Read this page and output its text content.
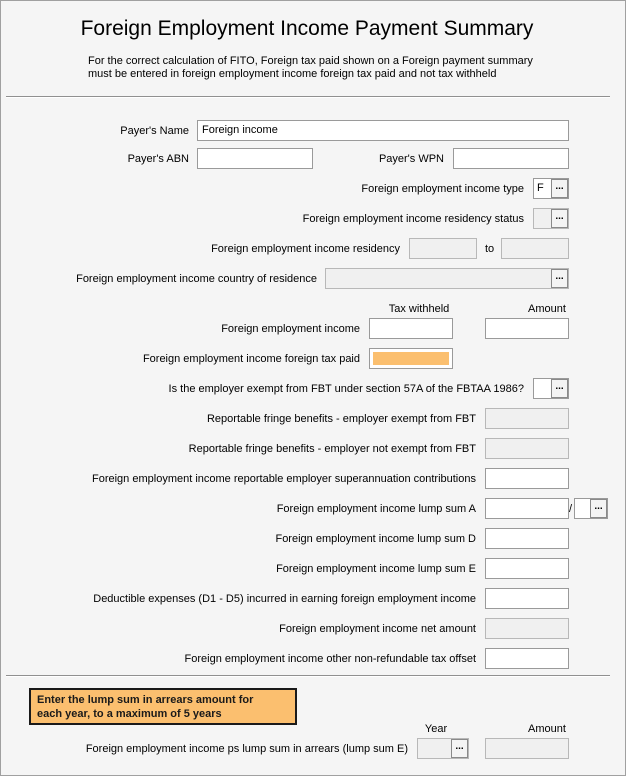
Foreign Employment Income Payment Summary
For the correct calculation of FITO, Foreign tax paid shown on a Foreign payment summary
must be entered in foreign employment income foreign tax paid and not tax withheld
Payer's Name	Foreign income
Payer's ABN	Payer's WPN
Foreign employment income type F	...
Foreign employment income residency status	...
Foreign employment income residency	to
Foreign employment income country of residence	...
Tax withheld	Amount
Foreign employment income
Foreign employment income foreign tax paid
Is the employer exempt from FBT under section 57A of the FBTAA 1986?	...
Reportable fringe benefits - employer exempt from FBT
Reportable fringe benefits - employer not exempt from FBT
Foreign employment income reportable employer superannuation contributions
Foreign employment income lump sum A	/	...
Foreign employment income lump sum D
Foreign employment income lump sum E
Deductible expenses (D1 - D5) incurred in earning foreign employment income
Foreign employment income net amount
Foreign employment income other non-refundable tax offset
Enter the lump sum in arrears amount for
each year, to a maximum of 5 years
Year	Amount
Foreign employment income ps lump sum in arrears (lump sum E)	...
